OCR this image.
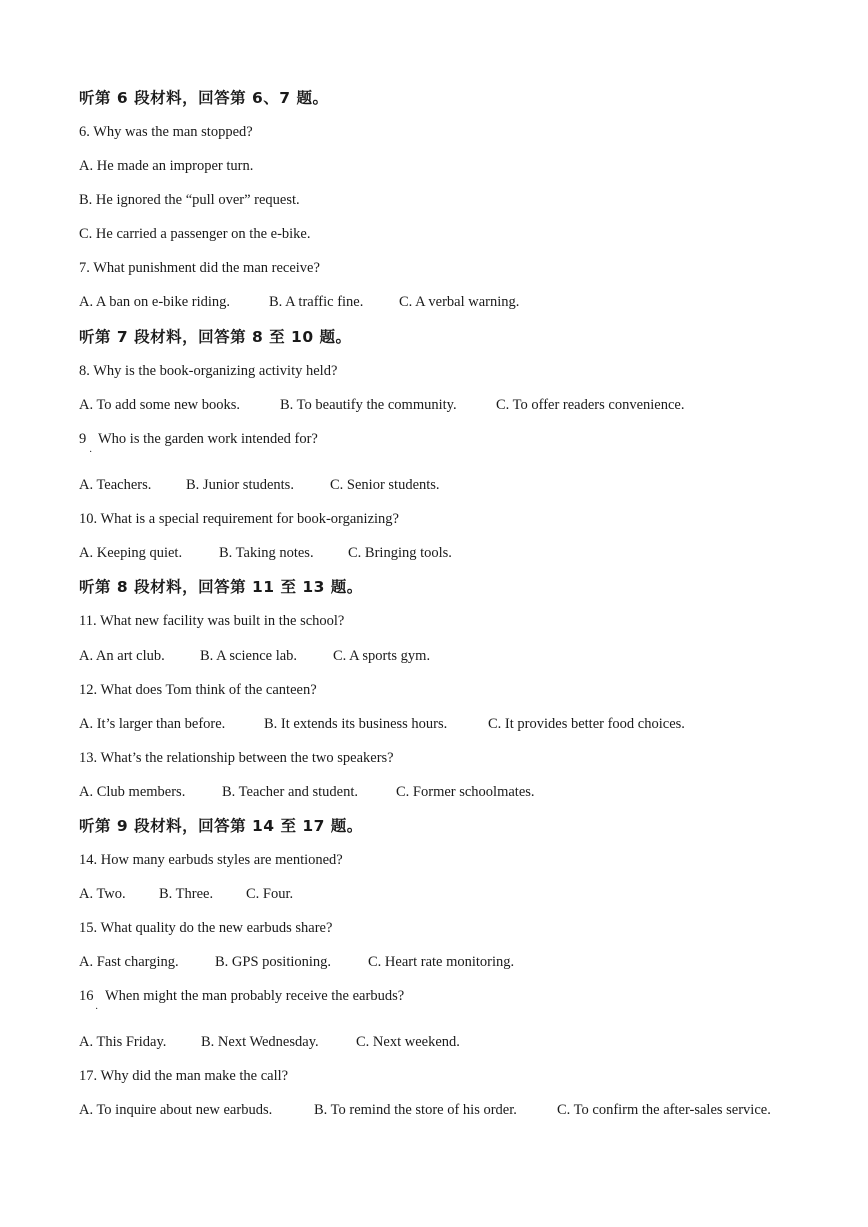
听第 6 段材料，回答第 6、7 题。
6. Why was the man stopped?
A. He made an improper turn.
B. He ignored the “pull over” request.
C. He carried a passenger on the e-bike.
7. What punishment did the man receive?
A. A ban on e-bike riding.	B. A traffic fine. C. A verbal warning.
听第 7 段材料，回答第 8 至 10 题。
8. Why is the book-organizing activity held?
A. To add some new books.	B. To beautify the community.	C. To offer readers convenience.
9 Who is the garden work intended for?
·
A. Teachers. B. Junior students. C. Senior students.
10. What is a special requirement for book-organizing?
A. Keeping quiet.	B. Taking notes. C. Bringing tools.
听第 8 段材料，回答第 11 至 13 题。
11. What new facility was built in the school?
A. An art club. B. A science lab. C. A sports gym.
12. What does Tom think of the canteen?
A. It’s larger than before.	B. It extends its business hours.	C. It provides better food choices.
13. What’s the relationship between the two speakers?
A. Club members.	B. Teacher and student.	C. Former schoolmates.
听第 9 段材料，回答第 14 至 17 题。
14. How many earbuds styles are mentioned?
A. Two. B. Three. C. Four.
15. What quality do the new earbuds share?
A. Fast charging.	B. GPS positioning.	C. Heart rate monitoring.
16 When might the man probably receive the earbuds?
·
A. This Friday. B. Next Wednesday.	C. Next weekend.
17. Why did the man make the call?
A. To inquire about new earbuds.	B. To remind the store of his order.	C. To confirm the after-sales service.
